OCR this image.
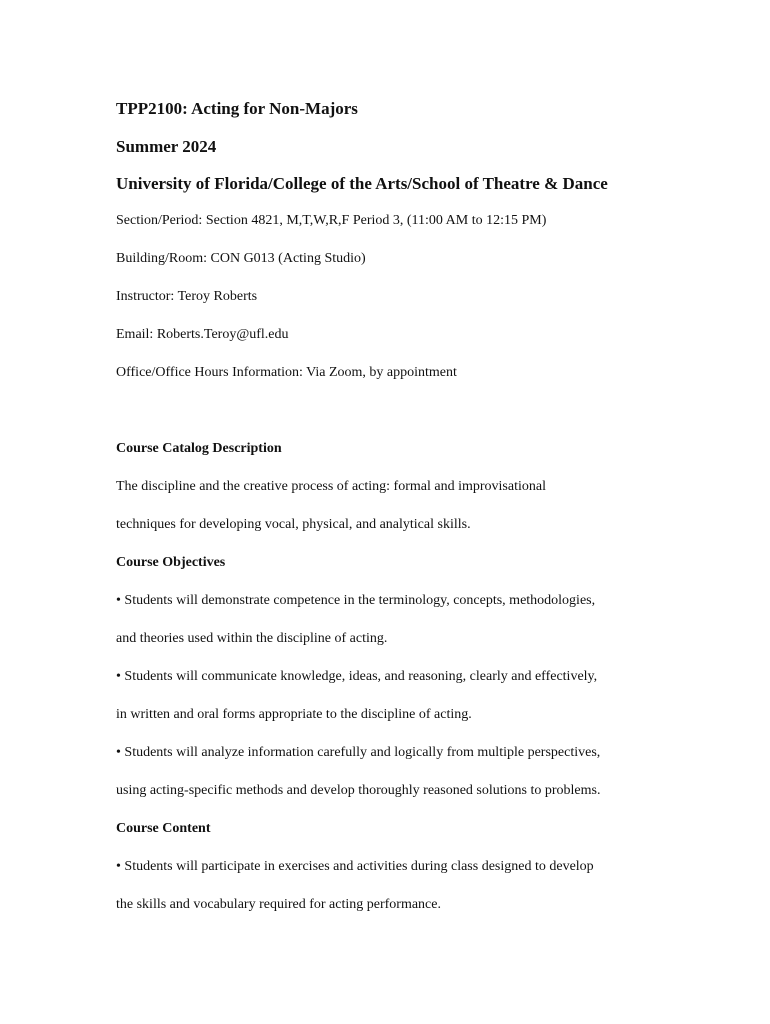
TPP2100: Acting for Non-Majors
Summer 2024
University of Florida/College of the Arts/School of Theatre & Dance
Section/Period: Section 4821, M,T,W,R,F Period 3, (11:00 AM to 12:15 PM)
Building/Room: CON G013 (Acting Studio)
Instructor: Teroy Roberts
Email: Roberts.Teroy@ufl.edu
Office/Office Hours Information: Via Zoom, by appointment
Course Catalog Description
The discipline and the creative process of acting: formal and improvisational
techniques for developing vocal, physical, and analytical skills.
Course Objectives
• Students will demonstrate competence in the terminology, concepts, methodologies,
and theories used within the discipline of acting.
• Students will communicate knowledge, ideas, and reasoning, clearly and effectively,
in written and oral forms appropriate to the discipline of acting.
• Students will analyze information carefully and logically from multiple perspectives,
using acting-specific methods and develop thoroughly reasoned solutions to problems.
Course Content
• Students will participate in exercises and activities during class designed to develop
the skills and vocabulary required for acting performance.
